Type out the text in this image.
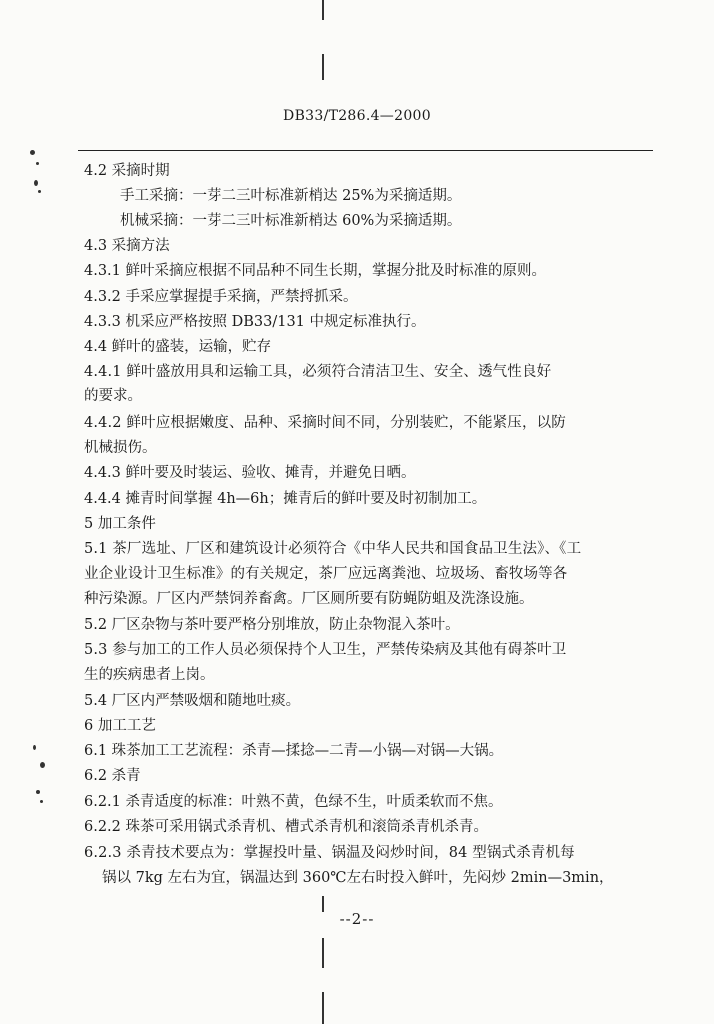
DB33/T286.4—2000
4.2 采摘时期
手工采摘：一芽二三叶标准新梢达 25%为采摘适期。
机械采摘：一芽二三叶标准新梢达 60%为采摘适期。
4.3 采摘方法
4.3.1 鲜叶采摘应根据不同品种不同生长期，掌握分批及时标准的原则。
4.3.2 手采应掌握提手采摘，严禁捋抓采。
4.3.3 机采应严格按照 DB33/131 中规定标准执行。
4.4 鲜叶的盛装，运输，贮存
4.4.1 鲜叶盛放用具和运输工具，必须符合清洁卫生、安全、透气性良好
的要求。
4.4.2 鲜叶应根据嫩度、品种、采摘时间不同，分别装贮，不能紧压，以防
机械损伤。
4.4.3 鲜叶要及时装运、验收、摊青，并避免日晒。
4.4.4 摊青时间掌握 4h—6h；摊青后的鲜叶要及时初制加工。
5 加工条件
5.1 茶厂选址、厂区和建筑设计必须符合《中华人民共和国食品卫生法》、《工
业企业设计卫生标准》的有关规定，茶厂应远离粪池、垃圾场、畜牧场等各
种污染源。厂区内严禁饲养畜禽。厂区厕所要有防蝇防蛆及洗涤设施。
5.2 厂区杂物与茶叶要严格分别堆放，防止杂物混入茶叶。
5.3 参与加工的工作人员必须保持个人卫生，严禁传染病及其他有碍茶叶卫
生的疾病患者上岗。
5.4 厂区内严禁吸烟和随地吐痰。
6 加工工艺
6.1 珠茶加工工艺流程：杀青—揉捻—二青—小锅—对锅—大锅。
6.2 杀青
6.2.1 杀青适度的标准：叶熟不黄，色绿不生，叶质柔软而不焦。
6.2.2 珠茶可采用锅式杀青机、槽式杀青机和滚筒杀青机杀青。
6.2.3 杀青技术要点为：掌握投叶量、锅温及闷炒时间，84 型锅式杀青机每
锅以 7kg 左右为宜，锅温达到 360℃左右时投入鲜叶，先闷炒 2min—3min，
--2--
